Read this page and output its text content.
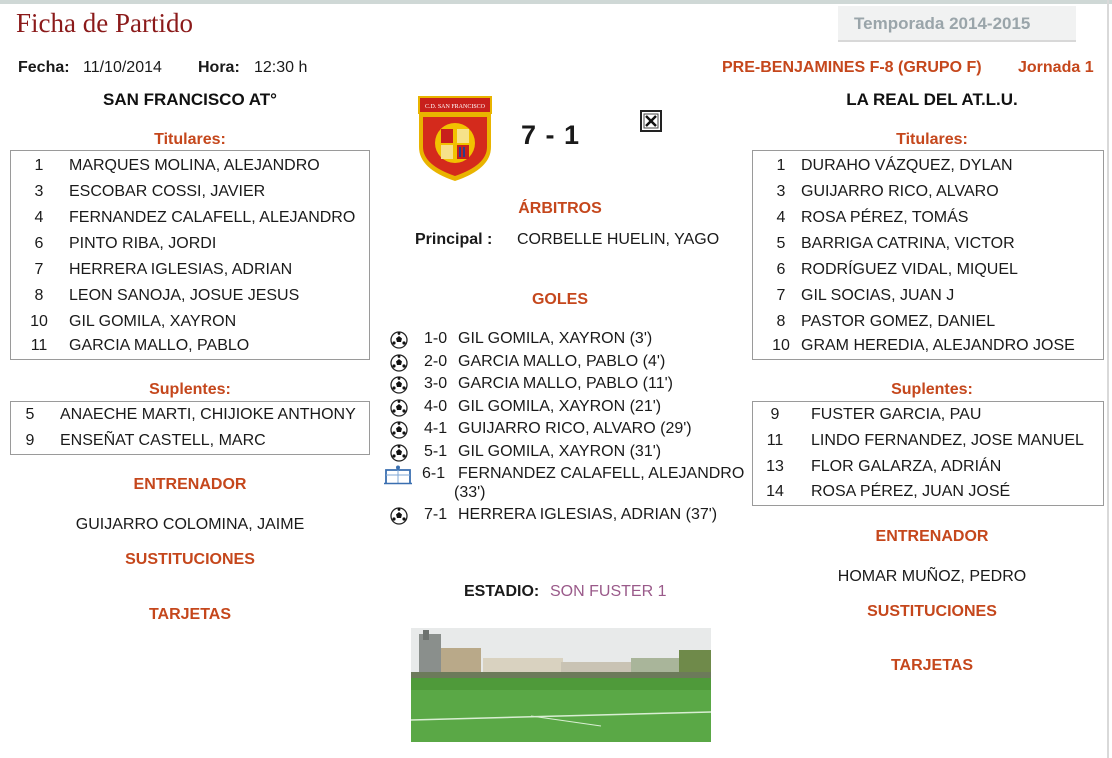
Ficha de Partido	Temporada 2014-2015
Fecha: 11/10/2014 Hora: 12:30 h	PRE-BENJAMINES F-8 (GRUPO F) Jornada 1
SAN FRANCISCO AT°	LA REAL DEL AT.L.U.
Titulares:
1	MARQUES MOLINA, ALEJANDRO
3	ESCOBAR COSSI, JAVIER
4	FERNANDEZ CALAFELL, ALEJANDRO
6	PINTO RIBA, JORDI
7	HERRERA IGLESIAS, ADRIAN
8	LEON SANOJA, JOSUE JESUS
10	GIL GOMILA, XAYRON
11	GARCIA MALLO, PABLO
Suplentes:
5	ANAECHE MARTI, CHIJIOKE ANTHONY
9	ENSEÑAT CASTELL, MARC
ENTRENADOR
GUIJARRO COLOMINA, JAIME
SUSTITUCIONES
TARJETAS
Titulares:
1 DURAHO VÁZQUEZ, DYLAN
3 GUIJARRO RICO, ALVARO
4 ROSA PÉREZ, TOMÁS
5 BARRIGA CATRINA, VICTOR
6 RODRÍGUEZ VIDAL, MIQUEL
7 GIL SOCIAS, JUAN J
8 PASTOR GOMEZ, DANIEL
10 GRAM HEREDIA, ALEJANDRO JOSE
Suplentes:
9	FUSTER GARCIA, PAU
11	LINDO FERNANDEZ, JOSE MANUEL
13	FLOR GALARZA, ADRIÁN
14	ROSA PÉREZ, JUAN JOSÉ
ENTRENADOR
HOMAR MUÑOZ, PEDRO
SUSTITUCIONES
TARJETAS
C.D. SAN FRANCISCO
7 - 1
ÁRBITROS
Principal : CORBELLE HUELIN, YAGO
GOLES
1-0 GIL GOMILA, XAYRON (3')
2-0 GARCIA MALLO, PABLO (4')
3-0 GARCIA MALLO, PABLO (11')
4-0 GIL GOMILA, XAYRON (21')
4-1 GUIJARRO RICO, ALVARO (29')
5-1 GIL GOMILA, XAYRON (31')
6-1 FERNANDEZ CALAFELL, ALEJANDRO
(33')
7-1 HERRERA IGLESIAS, ADRIAN (37')
ESTADIO: SON FUSTER 1
